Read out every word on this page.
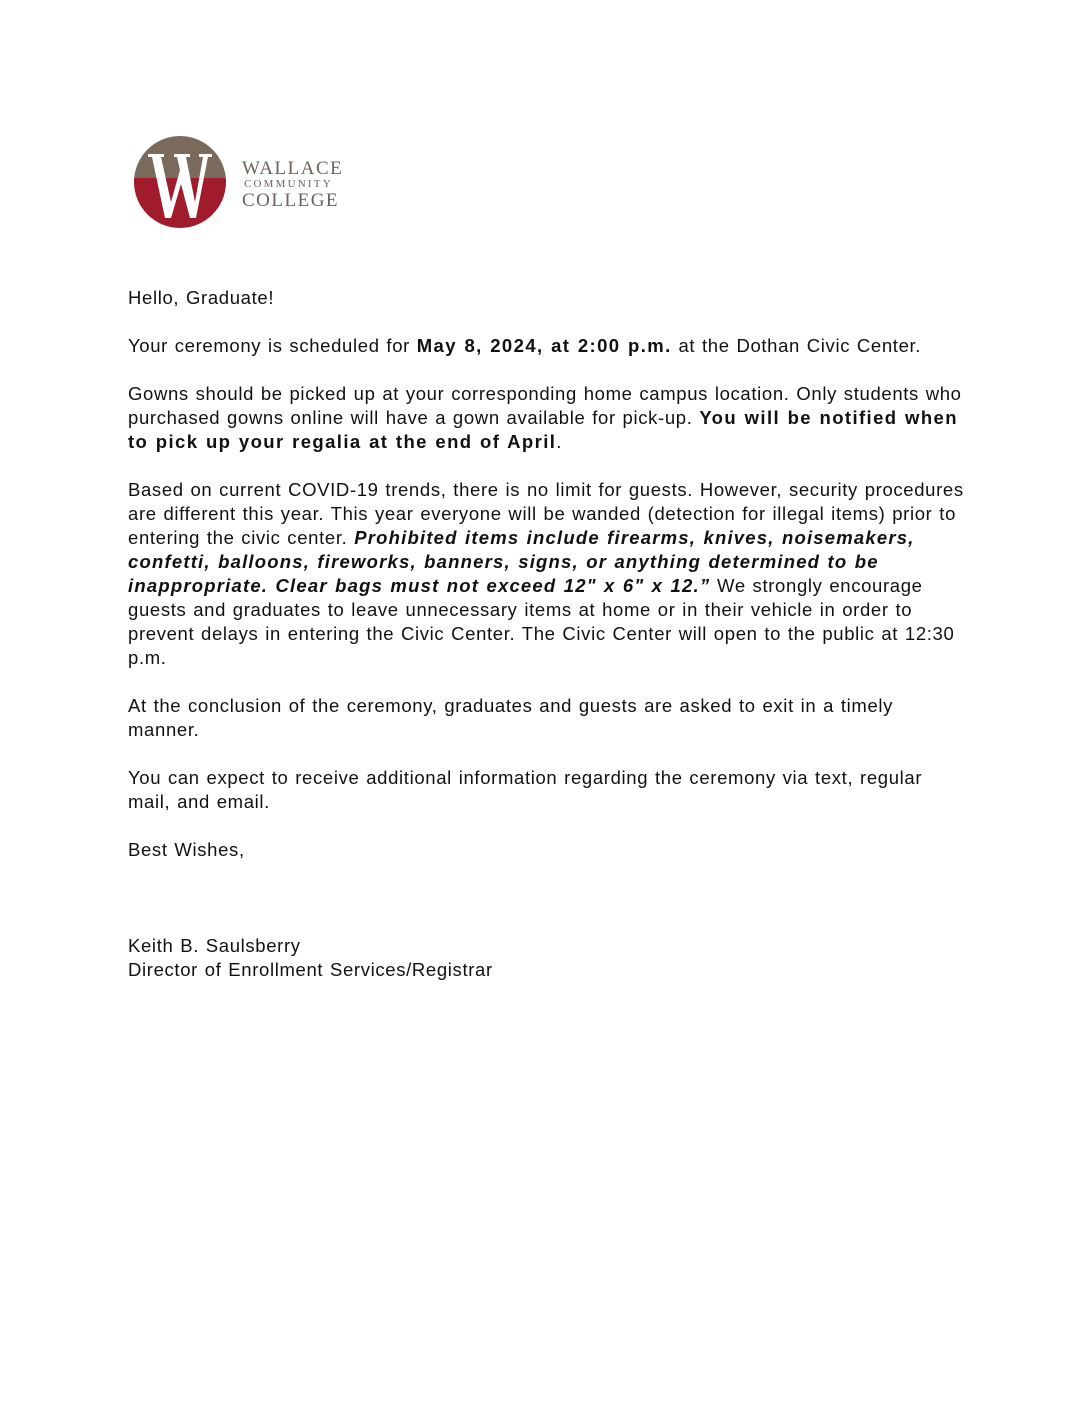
WALLACE
COMMUNITY
COLLEGE

Hello, Graduate!

Your ceremony is scheduled for May 8, 2024, at 2:00 p.m. at the Dothan Civic Center.

Gowns should be picked up at your corresponding home campus location. Only students who purchased gowns online will have a gown available for pick-up. You will be notified when to pick up your regalia at the end of April.

Based on current COVID-19 trends, there is no limit for guests. However, security procedures are different this year. This year everyone will be wanded (detection for illegal items) prior to entering the civic center. Prohibited items include firearms, knives, noisemakers, confetti, balloons, fireworks, banners, signs, or anything determined to be inappropriate. Clear bags must not exceed 12" x 6" x 12.” We strongly encourage guests and graduates to leave unnecessary items at home or in their vehicle in order to prevent delays in entering the Civic Center. The Civic Center will open to the public at 12:30 p.m.

At the conclusion of the ceremony, graduates and guests are asked to exit in a timely manner.

You can expect to receive additional information regarding the ceremony via text, regular mail, and email.

Best Wishes,

Keith B. Saulsberry
Director of Enrollment Services/Registrar
